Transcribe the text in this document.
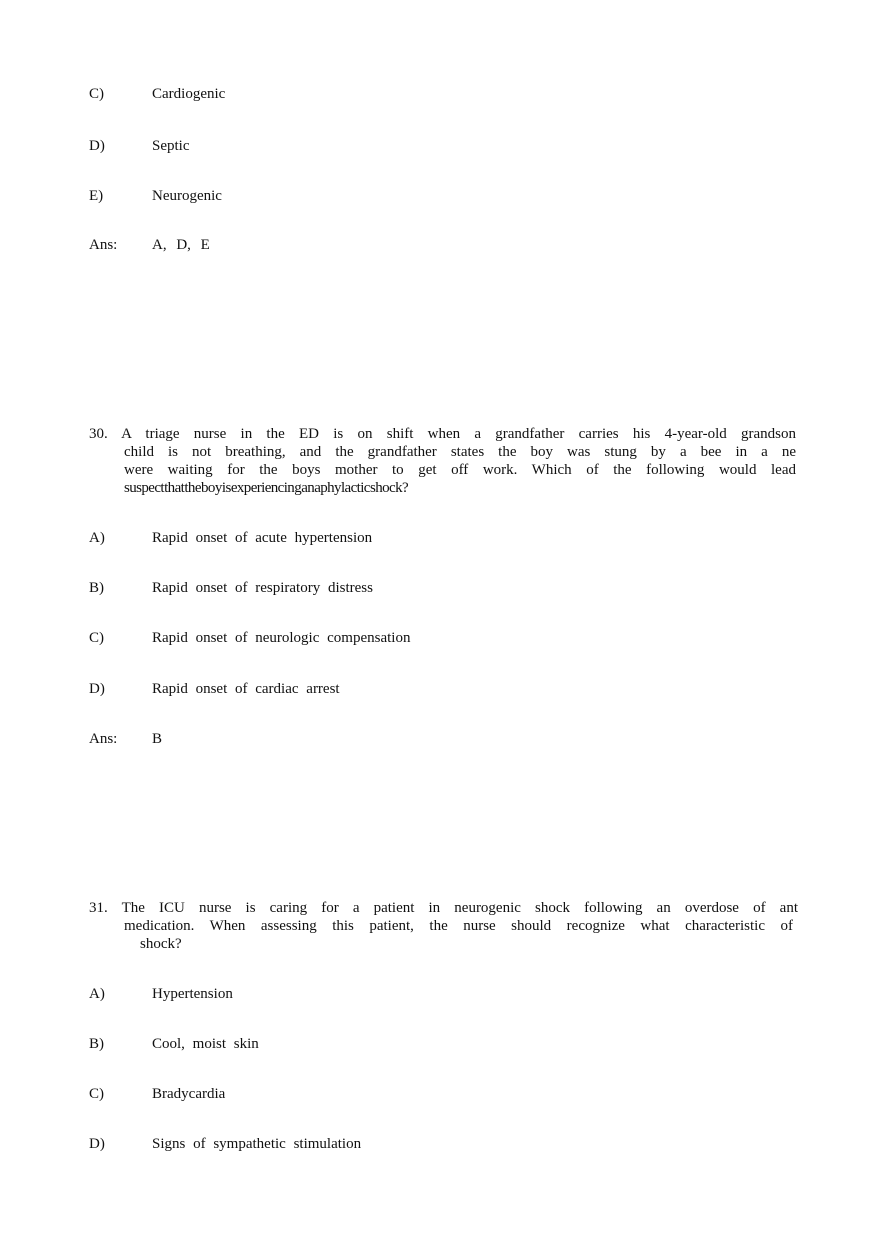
C)	Cardiogenic
D)	Septic
E)	Neurogenic
Ans: A, D, E
30. A triage nurse in the ED is on shift when a grandfather carries his 4-year-old grandson
child is not breathing, and the grandfather states the boy was stung by a bee in a ne
were waiting for the boys mother to get off work. Which of the following would lead
suspect that the boy is experiencing anaphylactic shock?
A)	Rapid onset of acute hypertension
B)	Rapid onset of respiratory distress
C)	Rapid onset of neurologic compensation
D)	Rapid onset of cardiac arrest
Ans: B
31. The ICU nurse is caring for a patient in neurogenic shock following an overdose of ant
medication. When assessing this patient, the nurse should recognize what characteristic of
shock?
A)	Hypertension
B)	Cool, moist skin
C)	Bradycardia
D)	Signs of sympathetic stimulation
